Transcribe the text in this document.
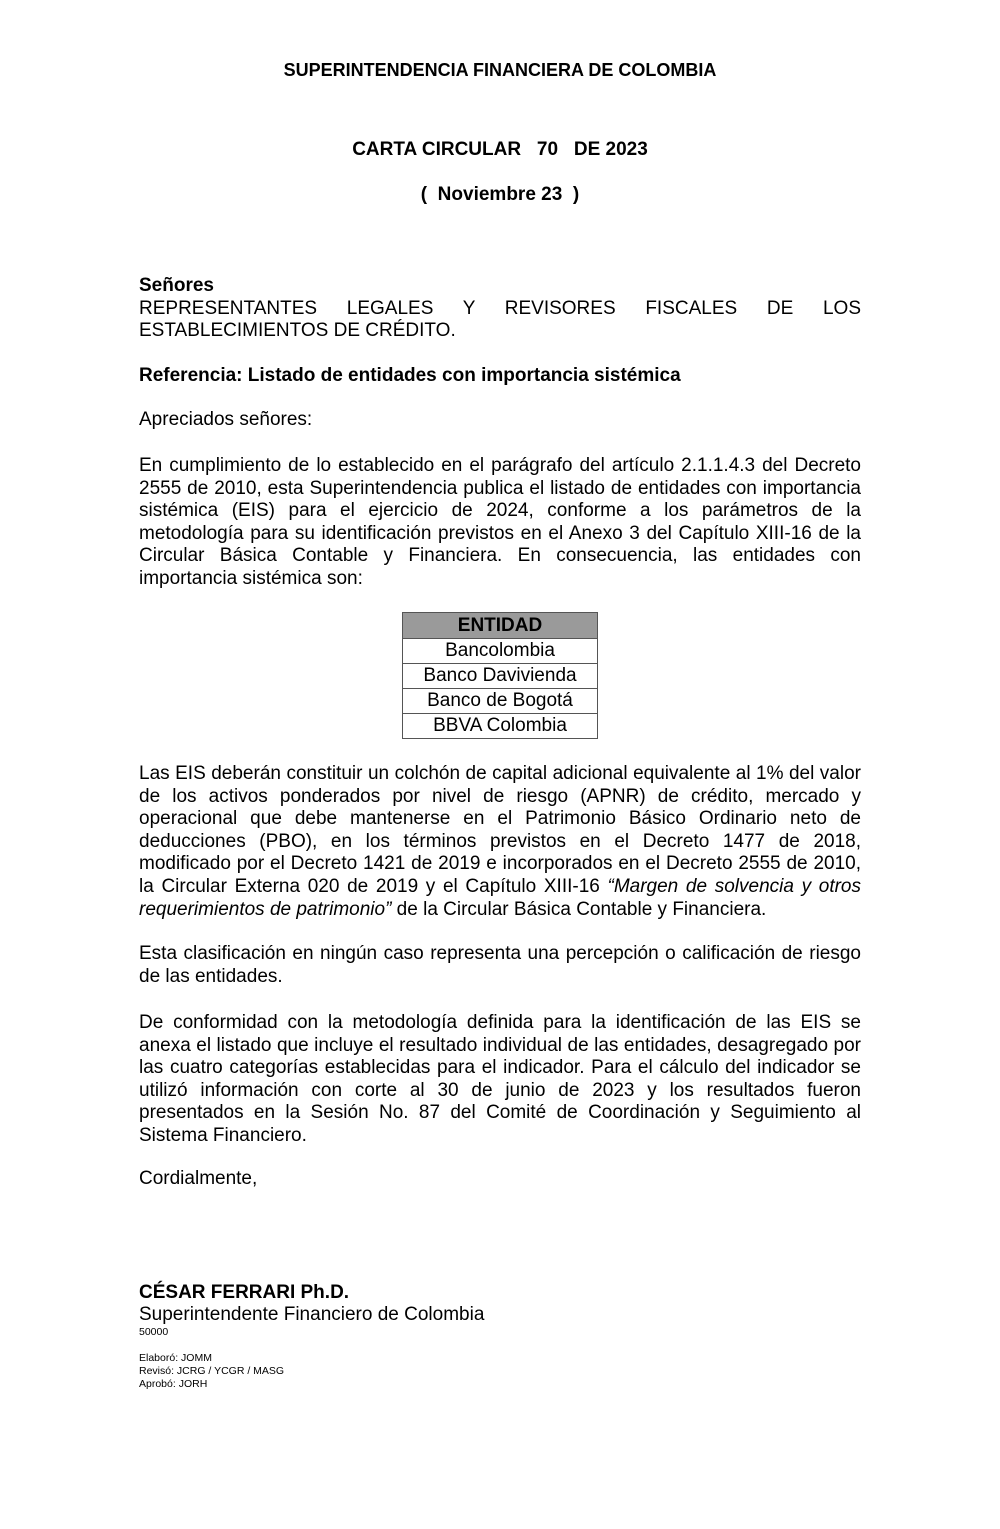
SUPERINTENDENCIA FINANCIERA DE COLOMBIA
CARTA CIRCULAR   70   DE 2023
(  Noviembre 23  )
Señores
REPRESENTANTES LEGALES Y REVISORES FISCALES DE LOS ESTABLECIMIENTOS DE CRÉDITO.
Referencia: Listado de entidades con importancia sistémica
Apreciados señores:
En cumplimiento de lo establecido en el parágrafo del artículo 2.1.1.4.3 del Decreto 2555 de 2010, esta Superintendencia publica el listado de entidades con importancia sistémica (EIS) para el ejercicio de 2024, conforme a los parámetros de la metodología para su identificación previstos en el Anexo 3 del Capítulo XIII-16 de la Circular Básica Contable y Financiera. En consecuencia, las entidades con importancia sistémica son:
ENTIDAD
Bancolombia
Banco Davivienda
Banco de Bogotá
BBVA Colombia
Las EIS deberán constituir un colchón de capital adicional equivalente al 1% del valor de los activos ponderados por nivel de riesgo (APNR) de crédito, mercado y operacional que debe mantenerse en el Patrimonio Básico Ordinario neto de deducciones (PBO), en los términos previstos en el Decreto 1477 de 2018, modificado por el Decreto 1421 de 2019 e incorporados en el Decreto 2555 de 2010, la Circular Externa 020 de 2019 y el Capítulo XIII-16 “Margen de solvencia y otros requerimientos de patrimonio” de la Circular Básica Contable y Financiera.
Esta clasificación en ningún caso representa una percepción o calificación de riesgo de las entidades.
De conformidad con la metodología definida para la identificación de las EIS se anexa el listado que incluye el resultado individual de las entidades, desagregado por las cuatro categorías establecidas para el indicador. Para el cálculo del indicador se utilizó información con corte al 30 de junio de 2023 y los resultados fueron presentados en la Sesión No. 87 del Comité de Coordinación y Seguimiento al Sistema Financiero.
Cordialmente,
CÉSAR FERRARI Ph.D.
Superintendente Financiero de Colombia
50000
Elaboró: JOMM
Revisó: JCRG / YCGR / MASG
Aprobó: JORH
